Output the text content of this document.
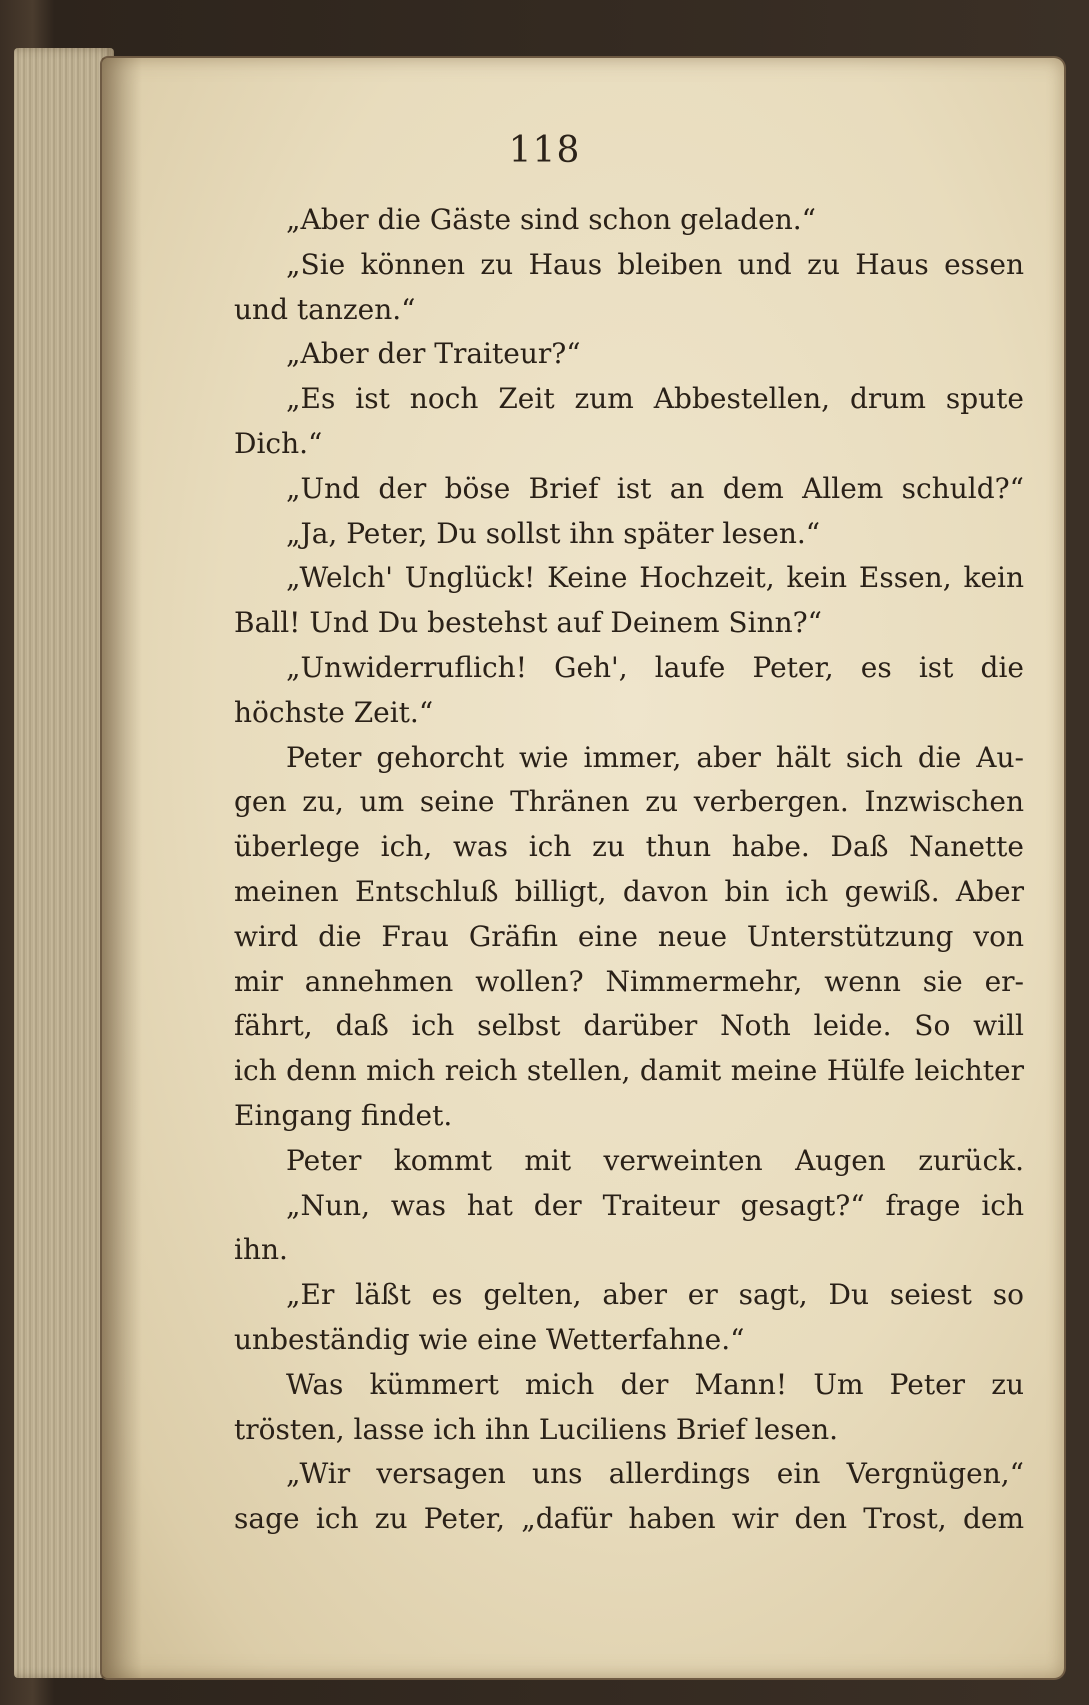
118
„Aber die Gäste sind schon geladen.“
„Sie können zu Haus bleiben und zu Haus essen
und tanzen.“
„Aber der Traiteur?“
„Es ist noch Zeit zum Abbestellen, drum spute
Dich.“
„Und der böse Brief ist an dem Allem schuld?“
„Ja, Peter, Du sollst ihn später lesen.“
„Welch' Unglück! Keine Hochzeit, kein Essen, kein
Ball! Und Du bestehst auf Deinem Sinn?“
„Unwiderruflich! Geh', laufe Peter, es ist die
höchste Zeit.“
Peter gehorcht wie immer, aber hält sich die Au-
gen zu, um seine Thränen zu verbergen. Inzwischen
überlege ich, was ich zu thun habe. Daß Nanette
meinen Entschluß billigt, davon bin ich gewiß. Aber
wird die Frau Gräfin eine neue Unterstützung von
mir annehmen wollen? Nimmermehr, wenn sie er-
fährt, daß ich selbst darüber Noth leide. So will
ich denn mich reich stellen, damit meine Hülfe leichter
Eingang findet.
Peter kommt mit verweinten Augen zurück.
„Nun, was hat der Traiteur gesagt?“ frage ich
ihn.
„Er läßt es gelten, aber er sagt, Du seiest so
unbeständig wie eine Wetterfahne.“
Was kümmert mich der Mann! Um Peter zu
trösten, lasse ich ihn Luciliens Brief lesen.
„Wir versagen uns allerdings ein Vergnügen,“
sage ich zu Peter, „dafür haben wir den Trost, dem
